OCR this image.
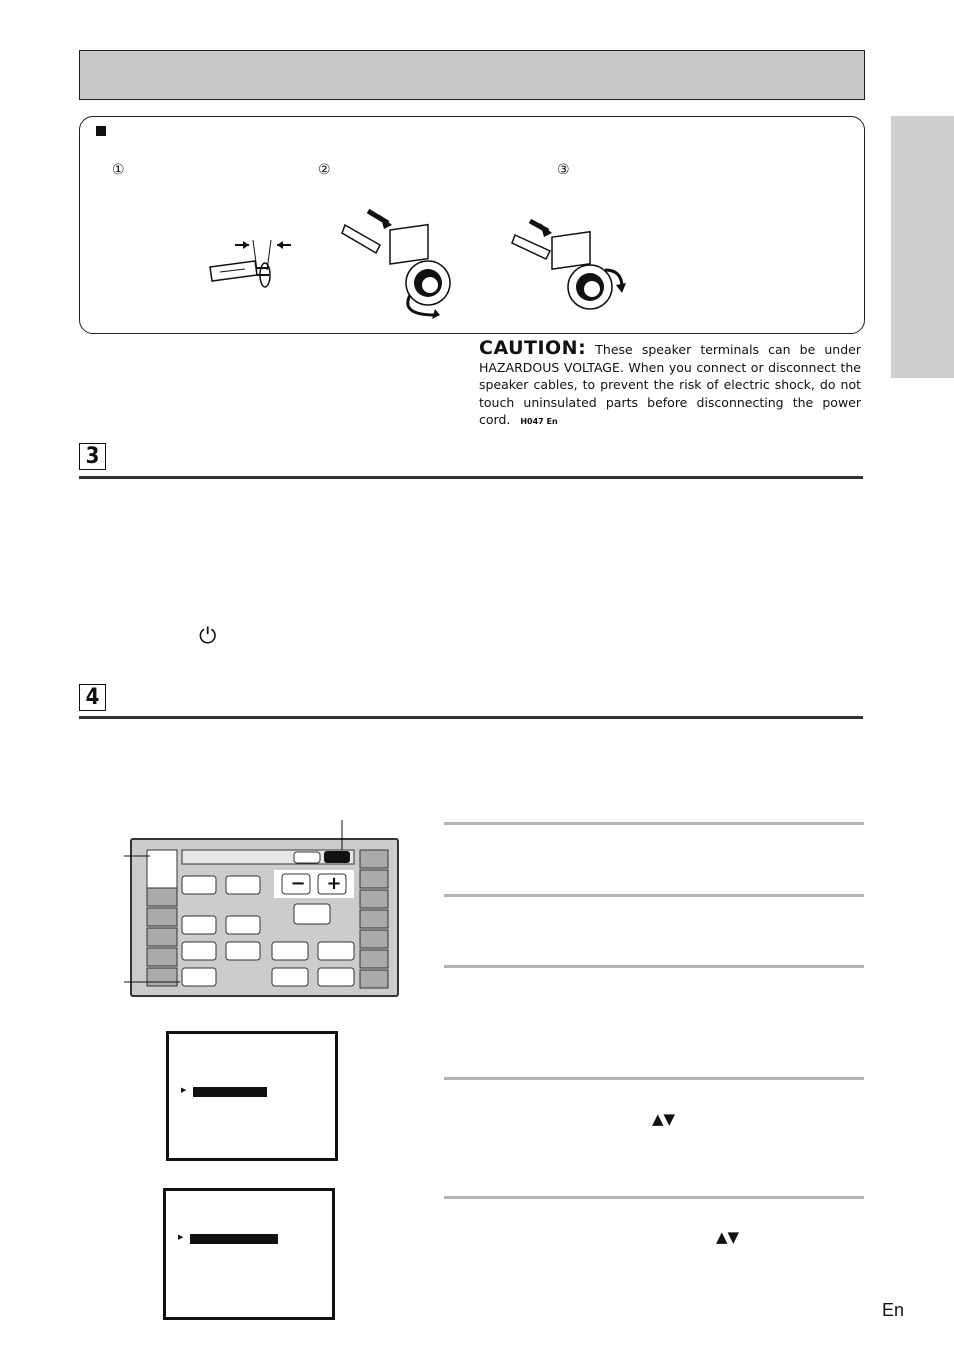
①	②	③
CAUTION: These speaker terminals can be under HAZARDOUS VOLTAGE. When you connect or disconnect the speaker cables, to prevent the risk of electric shock, do not touch uninsulated parts before disconnecting the power cord. H047 En
3
⏻
4
▲▼
▲▼
−	+
▶
▶
En
